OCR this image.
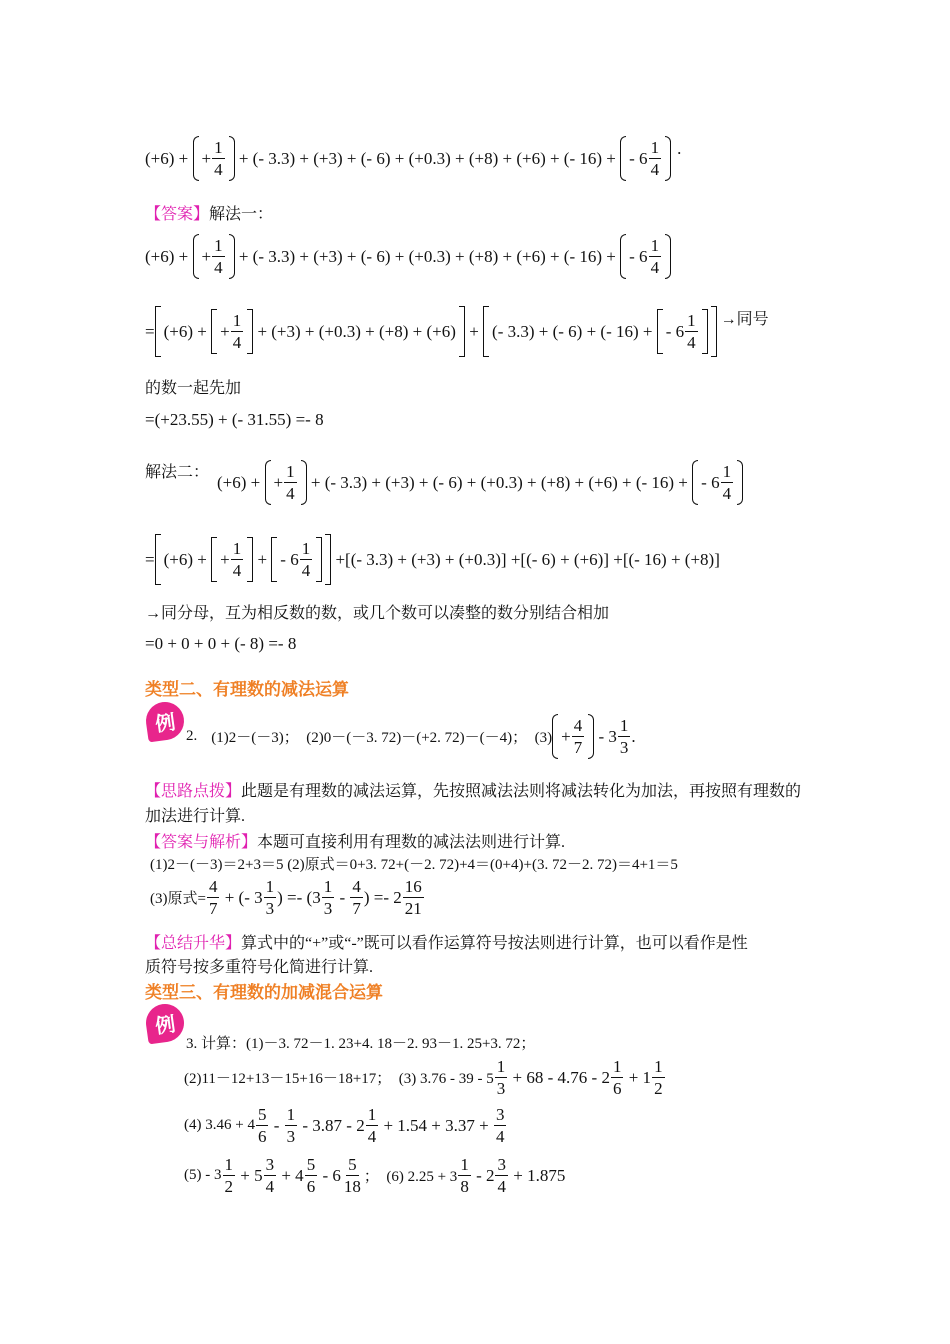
(+6) + + $\frac{1}{4}$ + (- 3.3) + (+3) + (- 6) + (+0.3) + (+8) + (+6) + (- 16) + - $6 \frac{1}{4}$ .
【答案】解法一：
(+6) + + $\frac{1}{4}$ + (- 3.3) + (+3) + (- 6) + (+0.3) + (+8) + (+6) + (- 16) + - $6 \frac{1}{4}$
= (+6) + + $\frac{1}{4} + (+3) + (+0.3) + (+8) + (+6)$ + (- 3.3) + (- 6) + (- 16) + - $6 \frac{1}{4}$ →同号
的数一起先加
=(+23.55) + (- 31.55) =- 8
解法二： (+6) + + $\frac{1}{4}$ + (- 3.3) + (+3) + (- 6) + (+0.3) + (+8) + (+6) + (- 16) + - $6 \frac{1}{4}$
= (+6) + + $\frac{1}{4}$ + - $6 \frac{1}{4}$ +[(- 3.3) + (+3) + (+0.3)] +[(- 6) + (+6)] +[(- 16) + (+8)]
→同分母，互为相反数的数，或几个数可以凑整的数分别结合相加
=0 + 0 + 0 + (- 8) =- 8
类型二、有理数的减法运算
例
2. (1)2－(－3)；  (2)0－(－3. 72)－(+2. 72)－(－4)；  $(3) + \frac{4}{7} - 3 \frac{1}{3}$ .
【思路点拨】此题是有理数的减法运算，先按照减法法则将减法转化为加法，再按照有理数的
加法进行计算.
【答案与解析】本题可直接利用有理数的减法法则进行计算.
(1)2－(－3)＝2+3＝5 (2)原式＝0+3. 72+(－2. 72)+4＝(0+4)+(3. 72－2. 72)＝4+1＝5
(3)原式= $\frac{4}{7}$ + (- $3 \frac{1}{3}$ ) =- ($3 \frac{1}{3} - \frac{4}{7}$ ) =- $2 \frac{16}{21}$
【总结升华】算式中的“+”或“-”既可以看作运算符号按法则进行计算，也可以看作是性
质符号按多重符号化简进行计算.
类型三、有理数的加减混合运算
例
3. 计算：(1)－3. 72－1. 23+4. 18－2. 93－1. 25+3. 72；
(2)11－12+13－15+16－18+17；  (3) $3.76 - 39 - 5 \frac{1}{3} + 68 - 4.76 - 2 \frac{1}{6} + 1 \frac{1}{2}$
(4) $3.46 + 4 \frac{5}{6} - \frac{1}{3} - 3.87 - 2 \frac{1}{4} + 1.54 + 3.37 + \frac{3}{4}$
$(5) - 3 \frac{1}{2} + 5 \frac{3}{4} + 4 \frac{5}{6} - 6 \frac{5}{18}$ ；  (6) $2.25 + 3 \frac{1}{8} - 2 \frac{3}{4} + 1.875$
